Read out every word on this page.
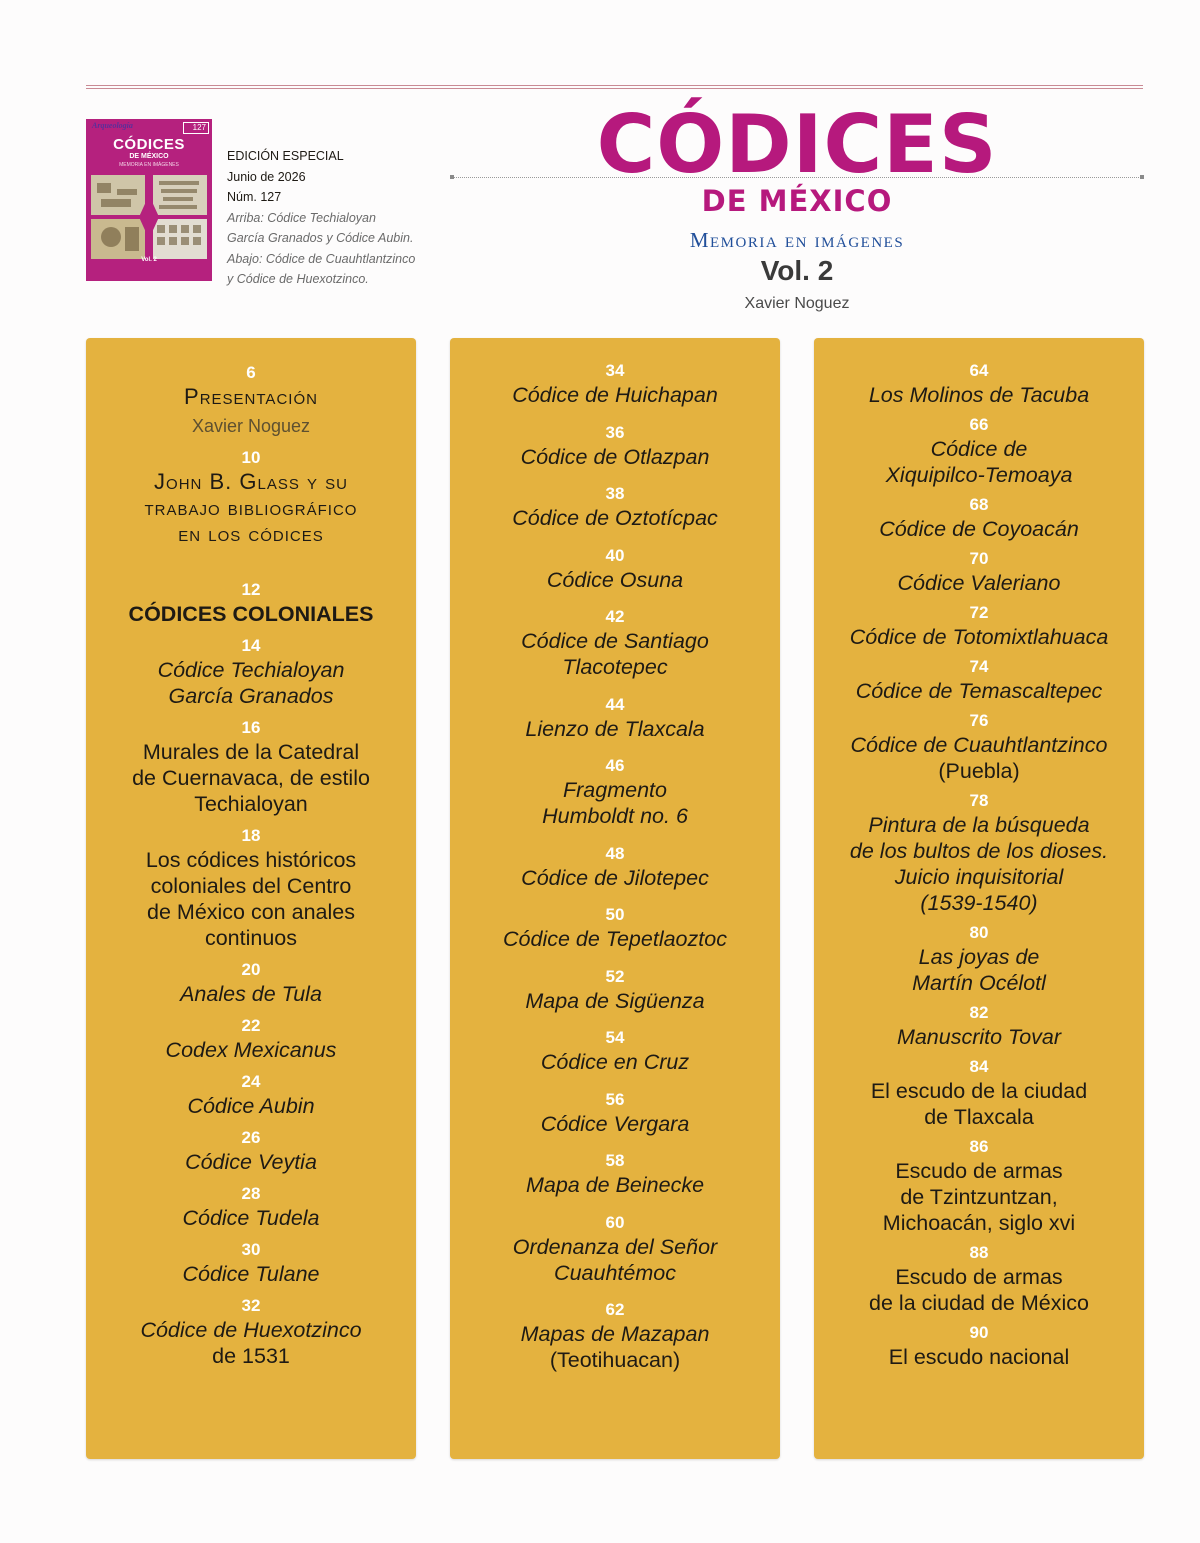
Arqueología	127
CÓDICES
DE MÉXICO
MEMORIA EN IMÁGENES
Vol. 2
EDICIÓN ESPECIAL
Junio de 2026
Núm. 127
Arriba: Códice Techialoyan
García Granados y Códice Aubin.
Abajo: Códice de Cuauhtlantzinco
y Códice de Huexotzinco.
CÓDICES
DE MÉXICO
Memoria en imágenes
Vol. 2
Xavier Noguez
6
Presentación
Xavier Noguez
10
John B. Glass y su
trabajo bibliográfico
en los códices
12
CÓDICES COLONIALES
14
Códice Techialoyan
García Granados
16
Murales de la Catedral
de Cuernavaca, de estilo
Techialoyan
18
Los códices históricos
coloniales del Centro
de México con anales
continuos
20
Anales de Tula
22
Codex Mexicanus
24
Códice Aubin
26
Códice Veytia
28
Códice Tudela
30
Códice Tulane
32
Códice de Huexotzinco
de 1531
34
Códice de Huichapan
36
Códice de Otlazpan
38
Códice de Oztotícpac
40
Códice Osuna
42
Códice de Santiago
Tlacotepec
44
Lienzo de Tlaxcala
46
Fragmento
Humboldt no. 6
48
Códice de Jilotepec
50
Códice de Tepetlaoztoc
52
Mapa de Sigüenza
54
Códice en Cruz
56
Códice Vergara
58
Mapa de Beinecke
60
Ordenanza del Señor
Cuauhtémoc
62
Mapas de Mazapan
(Teotihuacan)
64
Los Molinos de Tacuba
66
Códice de
Xiquipilco-Temoaya
68
Códice de Coyoacán
70
Códice Valeriano
72
Códice de Totomixtlahuaca
74
Códice de Temascaltepec
76
Códice de Cuauhtlantzinco
(Puebla)
78
Pintura de la búsqueda
de los bultos de los dioses.
Juicio inquisitorial
(1539-1540)
80
Las joyas de
Martín Océlotl
82
Manuscrito Tovar
84
El escudo de la ciudad
de Tlaxcala
86
Escudo de armas
de Tzintzuntzan,
Michoacán, siglo xvi
88
Escudo de armas
de la ciudad de México
90
El escudo nacional
